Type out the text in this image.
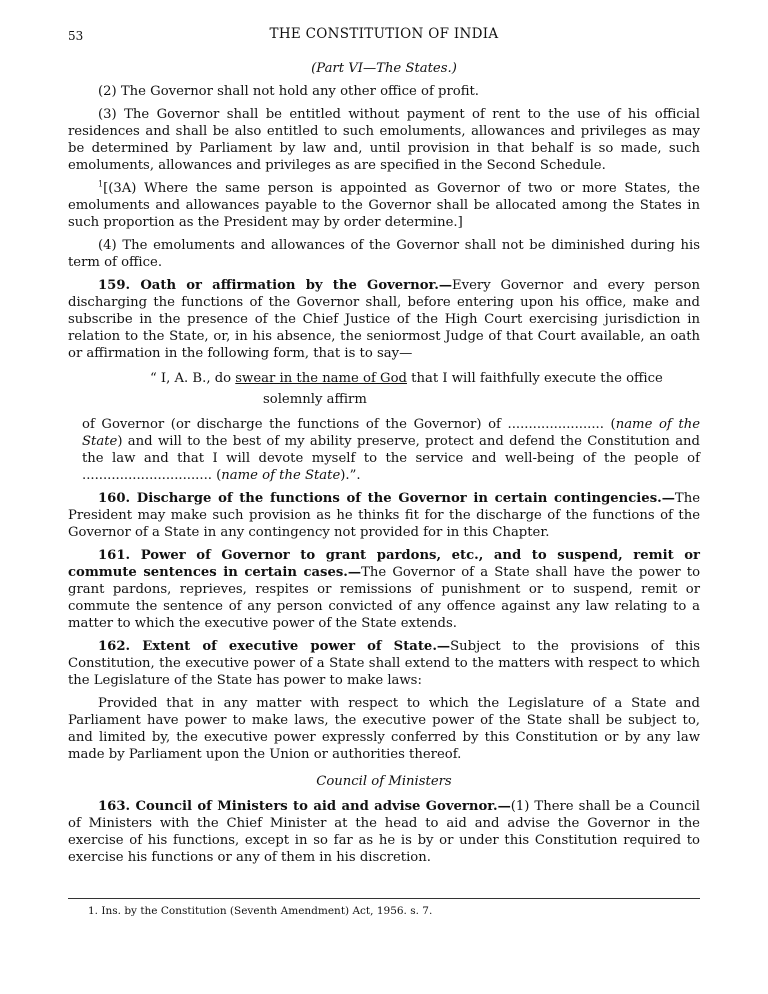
53	THE CONSTITUTION OF INDIA
(Part VI—The States.)

(2) The Governor shall not hold any other office of profit.

(3) The Governor shall be entitled without payment of rent to the use of his official residences and shall be also entitled to such emoluments, allowances and privileges as may be determined by Parliament by law and, until provision in that behalf is so made, such emoluments, allowances and privileges as are specified in the Second Schedule.

$^1$[(3A) Where the same person is appointed as Governor of two or more States, the emoluments and allowances payable to the Governor shall be allocated among the States in such proportion as the President may by order determine.]

(4) The emoluments and allowances of the Governor shall not be diminished during his term of office.

159. Oath or affirmation by the Governor.—Every Governor and every person discharging the functions of the Governor shall, before entering upon his office, make and subscribe in the presence of the Chief Justice of the High Court exercising jurisdiction in relation to the State, or, in his absence, the seniormost Judge of that Court available, an oath or affirmation in the following form, that is to say—

“ I, A. B., do swear in the name of God that I will faithfully execute the office
solemnly affirm

of Governor (or discharge the functions of the Governor) of ....................... (name of the State) and will to the best of my ability preserve, protect and defend the Constitution and the law and that I will devote myself to the service and well-being of the people of ............................... (name of the State).”.

160. Discharge of the functions of the Governor in certain contingencies.—The President may make such provision as he thinks fit for the discharge of the functions of the Governor of a State in any contingency not provided for in this Chapter.

161. Power of Governor to grant pardons, etc., and to suspend, remit or commute sentences in certain cases.—The Governor of a State shall have the power to grant pardons, reprieves, respites or remissions of punishment or to suspend, remit or commute the sentence of any person convicted of any offence against any law relating to a matter to which the executive power of the State extends.

162. Extent of executive power of State.—Subject to the provisions of this Constitution, the executive power of a State shall extend to the matters with respect to which the Legislature of the State has power to make laws:

Provided that in any matter with respect to which the Legislature of a State and Parliament have power to make laws, the executive power of the State shall be subject to, and limited by, the executive power expressly conferred by this Constitution or by any law made by Parliament upon the Union or authorities thereof.

Council of Ministers

163. Council of Ministers to aid and advise Governor.—(1) There shall be a Council of Ministers with the Chief Minister at the head to aid and advise the Governor in the exercise of his functions, except in so far as he is by or under this Constitution required to exercise his functions or any of them in his discretion.

1. Ins. by the Constitution (Seventh Amendment) Act, 1956. s. 7.
